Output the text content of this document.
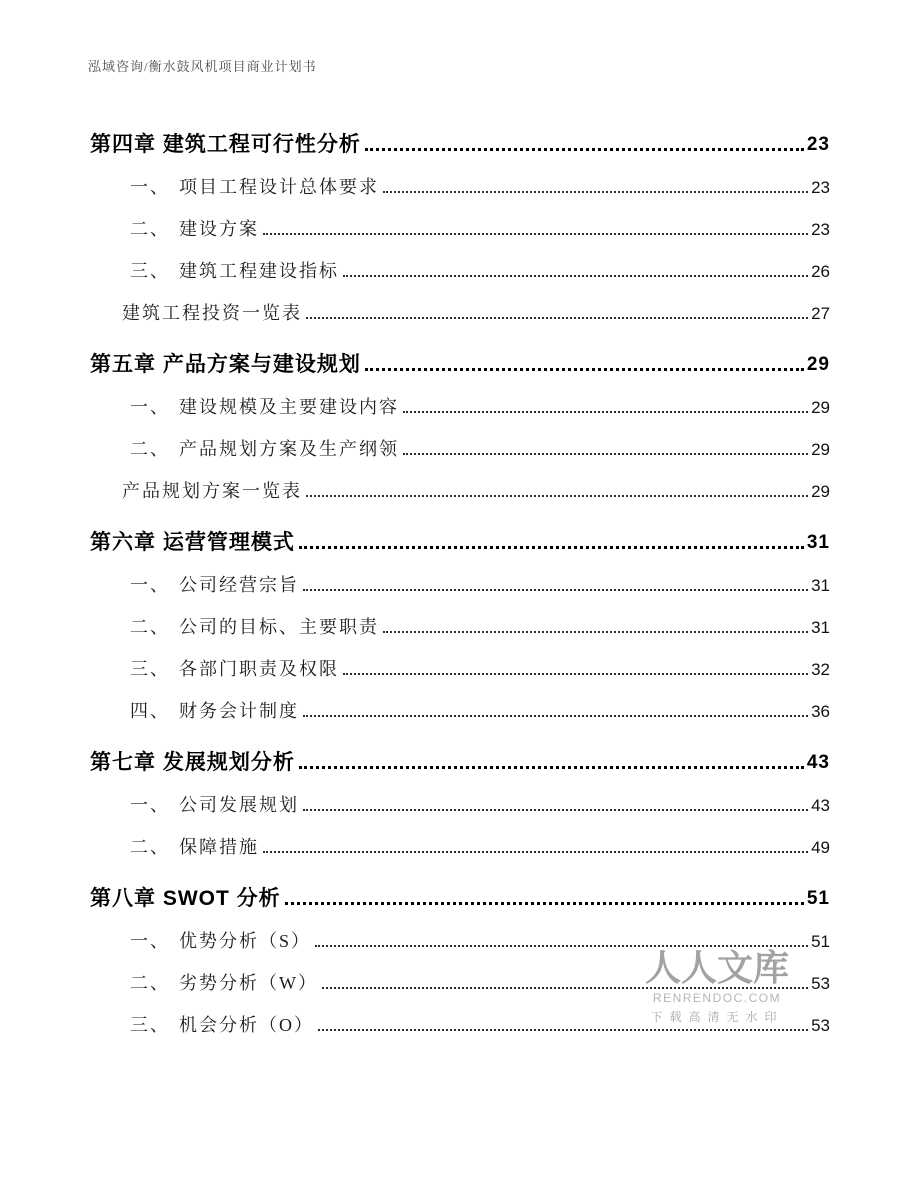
泓域咨询/衡水鼓风机项目商业计划书
第四章 建筑工程可行性分析	23
一、 项目工程设计总体要求	23
二、 建设方案	23
三、 建筑工程建设指标	26
建筑工程投资一览表	27
第五章 产品方案与建设规划	29
一、 建设规模及主要建设内容	29
二、 产品规划方案及生产纲领	29
产品规划方案一览表	29
第六章 运营管理模式	31
一、 公司经营宗旨	31
二、 公司的目标、主要职责	31
三、 各部门职责及权限	32
四、 财务会计制度	36
第七章 发展规划分析	43
一、 公司发展规划	43
二、 保障措施	49
第八章 SWOT 分析	51
一、 优势分析（S）	51
二、 劣势分析（W）	53
三、 机会分析（O）	53
人人文库
RENRENDOC.COM
下载高清无水印
